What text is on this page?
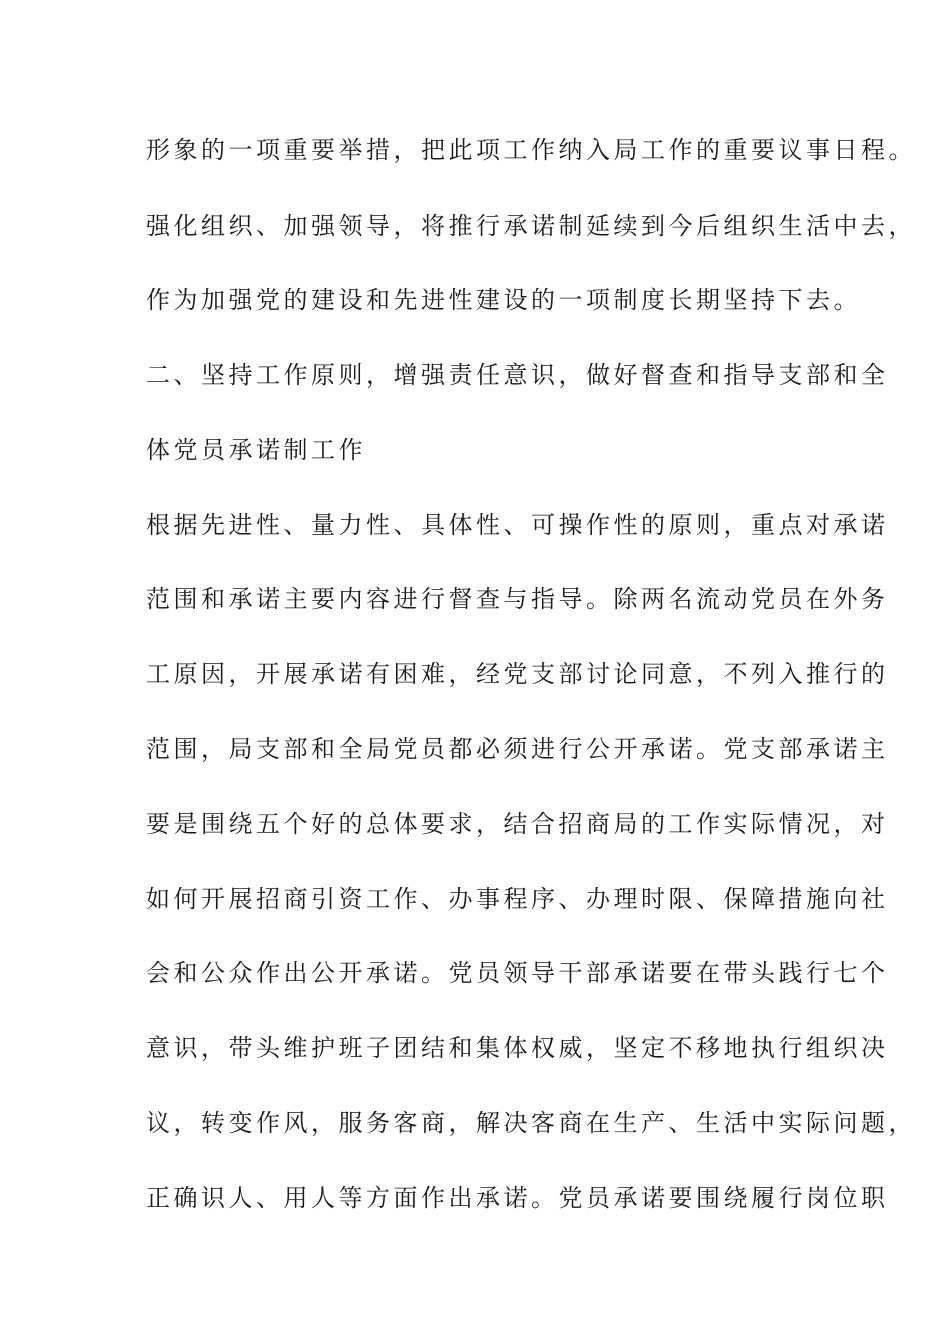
形象的一项重要举措，把此项工作纳入局工作的重要议事日程。
强化组织、加强领导，将推行承诺制延续到今后组织生活中去，
作为加强党的建设和先进性建设的一项制度长期坚持下去。
二、坚持工作原则，增强责任意识，做好督查和指导支部和全
体党员承诺制工作
根据先进性、量力性、具体性、可操作性的原则，重点对承诺
范围和承诺主要内容进行督查与指导。除两名流动党员在外务
工原因，开展承诺有困难，经党支部讨论同意，不列入推行的
范围，局支部和全局党员都必须进行公开承诺。党支部承诺主
要是围绕五个好的总体要求，结合招商局的工作实际情况，对
如何开展招商引资工作、办事程序、办理时限、保障措施向社
会和公众作出公开承诺。党员领导干部承诺要在带头践行七个
意识，带头维护班子团结和集体权威，坚定不移地执行组织决
议，转变作风，服务客商，解决客商在生产、生活中实际问题，
正确识人、用人等方面作出承诺。党员承诺要围绕履行岗位职
